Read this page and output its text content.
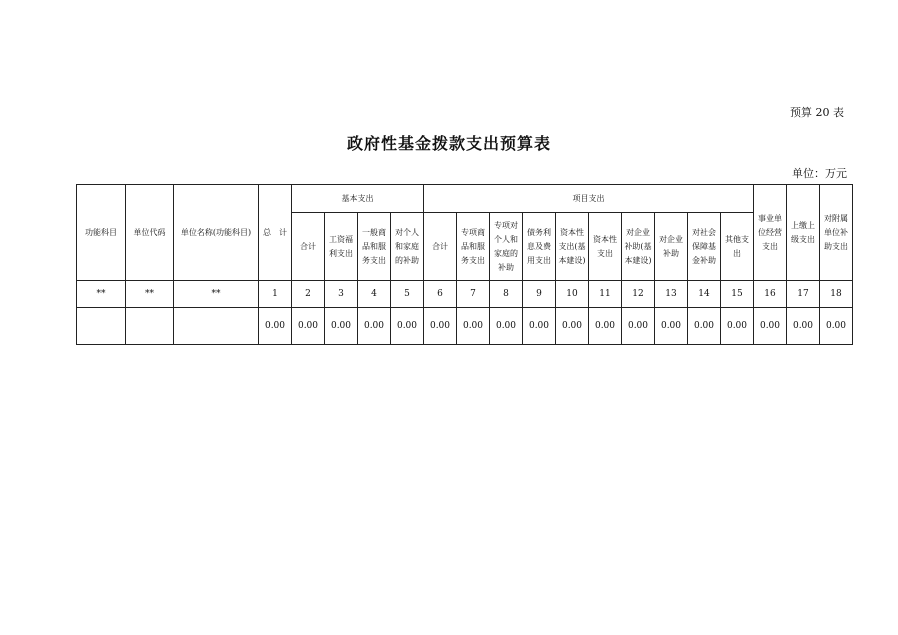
预算 20 表
政府性基金拨款支出预算表
单位：万元
功能科目	单位代码	单位名称(功能科目)	总　计	基本支出				项目支出										事业单位经营支出	上缴上级支出	对附属单位补助支出
				合计	工资福利支出	一般商品和服务支出	对个人和家庭的补助	合计	专项商品和服务支出	专项对个人和家庭的补助	债务利息及费用支出	资本性支出(基本建设)	资本性支出	对企业补助(基本建设)	对企业补助	对社会保障基金补助	其他支出			
**	**	**	1	2	3	4	5	6	7	8	9	10	11	12	13	14	15	16	17	18
			0.00	0.00	0.00	0.00	0.00	0.00	0.00	0.00	0.00	0.00	0.00	0.00	0.00	0.00	0.00	0.00	0.00	0.00
